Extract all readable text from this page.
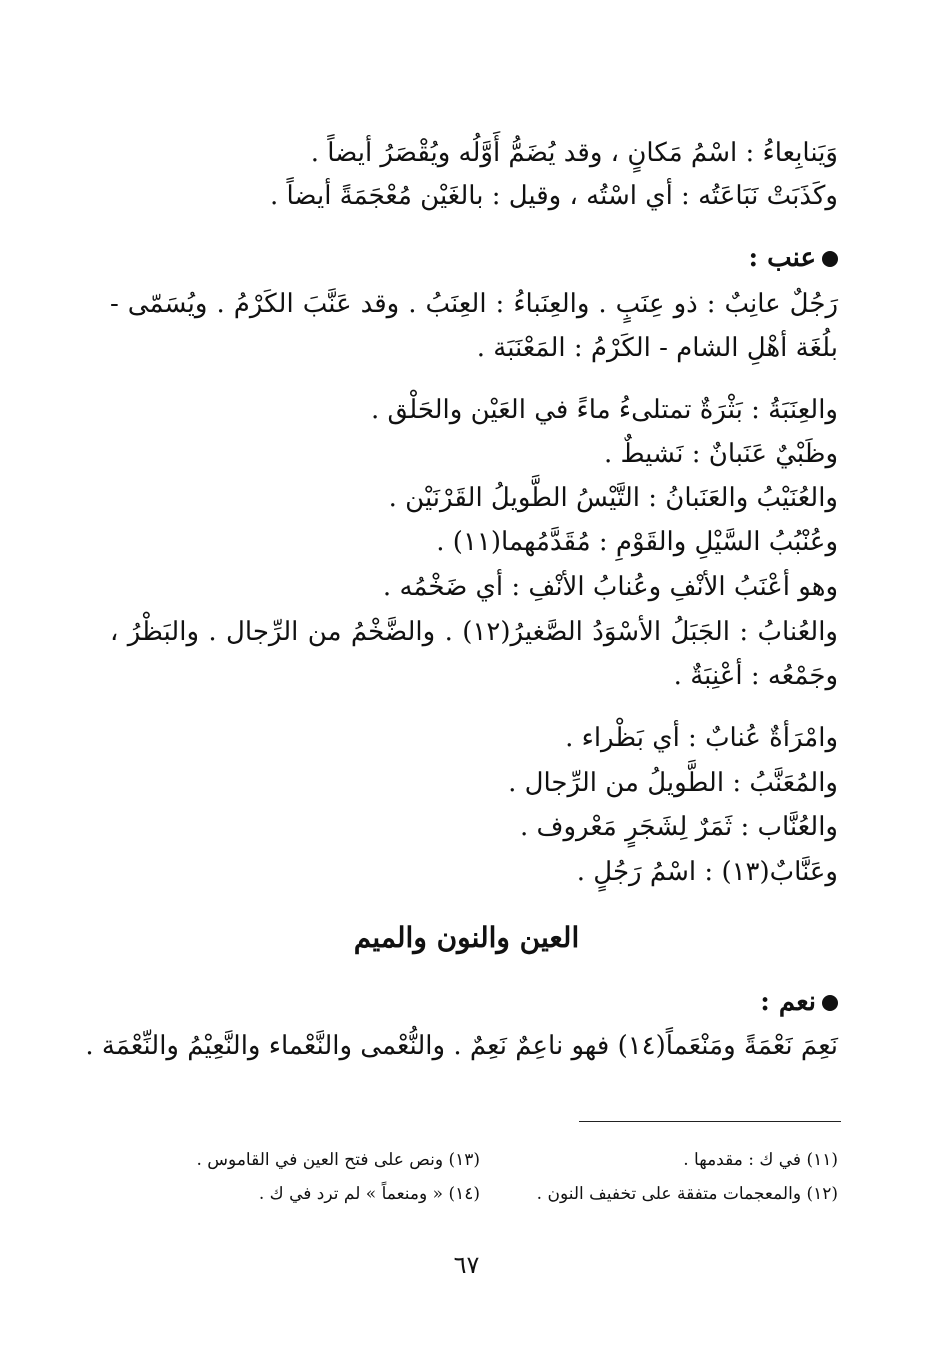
وَيَنابِعاءُ : اسْمُ مَكانٍ ، وقد يُضَمُّ أَوَّلُه ويُقْصَرُ أيضاً .
وكَذَبَتْ نَبَاعَتُه : أي اسْتُه ، وقيل : بالغَيْن مُعْجَمَةً أيضاً .
عنب :
رَجُلٌ عانِبٌ : ذو عِنَبٍ . والعِنَباءُ : العِنَبُ . وقد عَنَّبَ الكَرْمُ . ويُسَمّى -
بلُغَة أهْلِ الشام - الكَرْمُ : المَعْنَبَة .
والعِنَبَةُ : بَثْرَةٌ تمتلىءُ ماءً في العَيْن والحَلْق .
وظَبْيٌ عَنَبانٌ : نَشيطٌ .
والعُنَيْبُ والعَنَبانُ : التَّيْسُ الطَّويلُ القَرْنَيْن .
وعُنْبُبُ السَّيْلِ والقَوْمِ : مُقَدَّمُهما(١١) .
وهو أعْنَبُ الأنْفِ وعُنابُ الأنْفِ : أي ضَخْمُه .
والعُنابُ : الجَبَلُ الأسْوَدُ الصَّغيرُ(١٢) . والضَّخْمُ من الرِّجال . والبَظْرُ ،
وجَمْعُه : أعْنِبَةٌ .
وامْرَأةٌ عُنابٌ : أي بَظْراء .
والمُعَنَّبُ : الطَّويلُ من الرِّجال .
والعُنَّاب : ثَمَرٌ لِشَجَرٍ مَعْروف .
وعَنَّابٌ(١٣) : اسْمُ رَجُلٍ .
العين والنون والميم
نعم :
نَعِمَ نَعْمَةً ومَنْعَماً(١٤) فهو ناعِمٌ نَعِمٌ . والنُّعْمى والنَّعْماء والنَّعِيْمُ والنِّعْمَة .
(١١) في ك : مقدمها .
(١٢) والمعجمات متفقة على تخفيف النون .
(١٣) ونص على فتح العين في القاموس .
(١٤) « ومنعماً » لم ترد في ك .
٦٧
